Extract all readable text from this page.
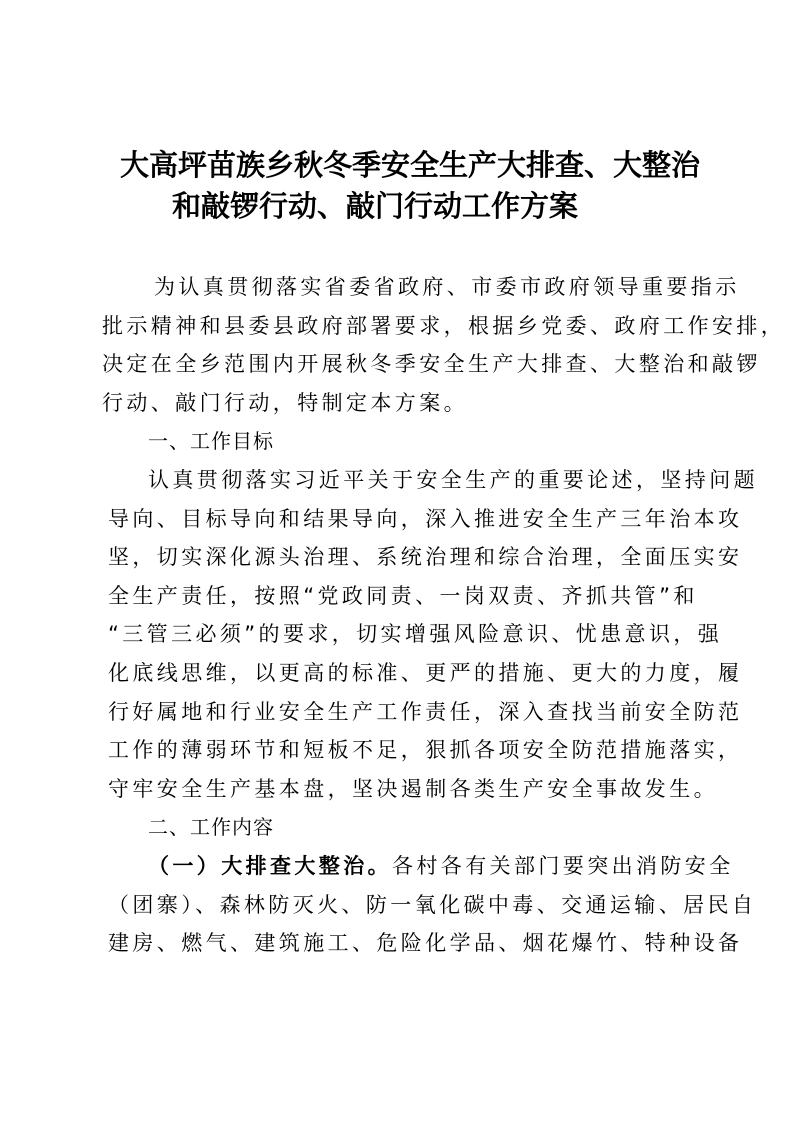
大高坪苗族乡秋冬季安全生产大排查、大整治
和敲锣行动、敲门行动工作方案

为认真贯彻落实省委省政府、市委市政府领导重要指示

批示精神和县委县政府部署要求，根据乡党委、政府工作安排，
决定在全乡范围内开展秋冬季安全生产大排查、大整治和敲锣
行动、敲门行动，特制定本方案。

一、工作目标

认真贯彻落实习近平关于安全生产的重要论述，坚持问题
导向、目标导向和结果导向，深入推进安全生产三年治本攻
坚，切实深化源头治理、系统治理和综合治理，全面压实安
全生产责任，按照“党政同责、一岗双责、齐抓共管”和
“三管三必须”的要求，切实增强风险意识、忧患意识，强
化底线思维，以更高的标准、更严的措施、更大的力度，履
行好属地和行业安全生产工作责任，深入查找当前安全防范
工作的薄弱环节和短板不足，狠抓各项安全防范措施落实，
守牢安全生产基本盘，坚决遏制各类生产安全事故发生。

二、工作内容

（一）大排查大整治。各村各有关部门要突出消防安全
（团寨）、森林防灭火、防一氧化碳中毒、交通运输、居民自
建房、燃气、建筑施工、危险化学品、烟花爆竹、特种设备
